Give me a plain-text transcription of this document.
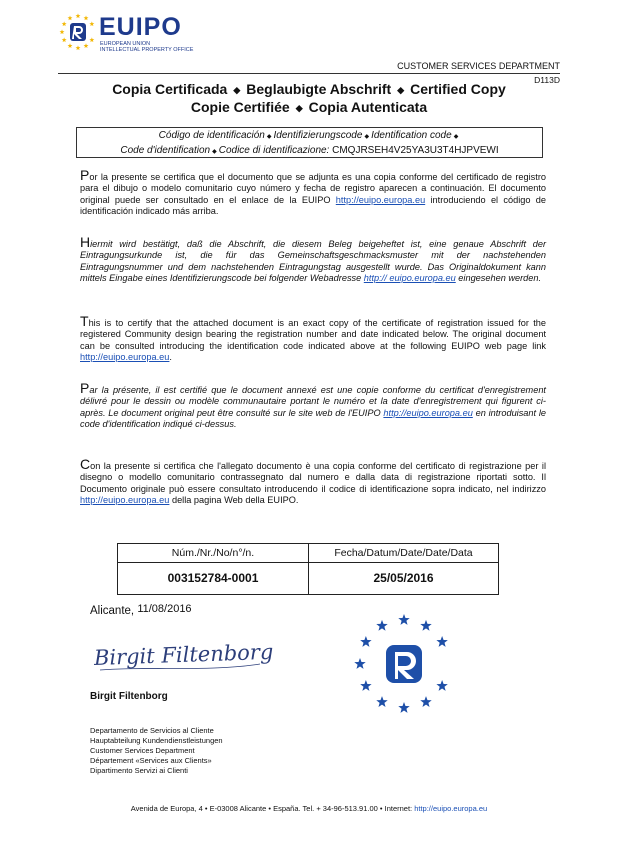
EUIPO
EUROPEAN UNION
INTELLECTUAL PROPERTY OFFICE
CUSTOMER SERVICES DEPARTMENT
D113D
Copia Certificada ◆ Beglaubigte Abschrift ◆ Certified Copy
Copie Certifiée ◆ Copia Autenticata
Código de identificación ◆ Identifizierungscode ◆ Identification code ◆
Code d'identification ◆ Codice di identificazione: CMQJRSEH4V25YA3U3T4HJPVEWI
Por la presente se certifica que el documento que se adjunta es una copia conforme del certificado de registro para el dibujo o modelo comunitario cuyo número y fecha de registro aparecen a continuación. El documento original puede ser consultado en el enlace de la EUIPO http://euipo.europa.eu introduciendo el código de identificación indicado más arriba.
Hiermit wird bestätigt, daß die Abschrift, die diesem Beleg beigeheftet ist, eine genaue Abschrift der Eintragungsurkunde ist, die für das Gemeinschaftsgeschmacksmuster mit der nachstehenden Eintragungsnummer und dem nachstehenden Eintragungstag ausgestellt wurde. Das Originaldokument kann mittels Eingabe eines Identifizierungscode bei folgender Webadresse http:// euipo.europa.eu eingesehen werden.
This is to certify that the attached document is an exact copy of the certificate of registration issued for the registered Community design bearing the registration number and date indicated below. The original document can be consulted introducing the identification code indicated above at the following EUIPO web page link http://euipo.europa.eu.
Par la présente, il est certifié que le document annexé est une copie conforme du certificat d'enregistrement délivré pour le dessin ou modèle communautaire portant le numéro et la date d'enregistrement qui figurent ci-après. Le document original peut être consulté sur le site web de l'EUIPO http://euipo.europa.eu en introduisant le code d'identification indiqué ci-dessus.
Con la presente si certifica che l'allegato documento è una copia conforme del certificato di registrazione per il disegno o modello comunitario contrassegnato dal numero e dalla data di registrazione riportati sotto. Il Documento originale può essere consultato introducendo il codice di identificazione sopra indicato, nel indirizzo http://euipo.europa.eu della pagina Web della EUIPO.
Núm./Nr./No/n°/n.	Fecha/Datum/Date/Date/Data
003152784-0001	25/05/2016
Alicante, 11/08/2016
Birgit Filtenborg
Birgit Filtenborg
Departamento de Servicios al Cliente
Hauptabteilung Kundendienstleistungen
Customer Services Department
Département «Services aux Clients»
Dipartimento Servizi ai Clienti
Avenida de Europa, 4 • E-03008 Alicante • España. Tel. + 34-96-513.91.00 • Internet: http://euipo.europa.eu
